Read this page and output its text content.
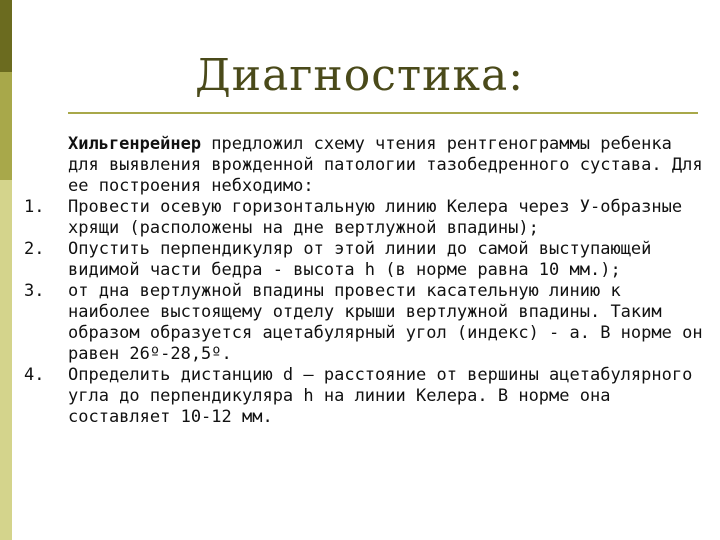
Диагностика:

Хильгенрейнер предложил схему чтения рентгенограммы ребенка для выявления врожденной патологии тазобедренного сустава. Для ее построения небходимо:

1.	Провести осевую горизонтальную линию Келера через У-образные хрящи (расположены на дне вертлужной впадины);
2.	Опустить перпендикуляр от этой линии до самой выступающей видимой части бедра - высота h (в норме равна 10 мм.);
3.	от дна вертлужной впадины провести касательную линию к наиболее выстоящему отделу крыши вертлужной впадины. Таким образом образуется ацетабулярный угол (индекс) - a. В норме он равен 26º-28,5º.
4.	Определить дистанцию d – расстояние от вершины ацетабулярного угла до перпендикуляра h на линии Келера. В норме она составляет 10-12 мм.
